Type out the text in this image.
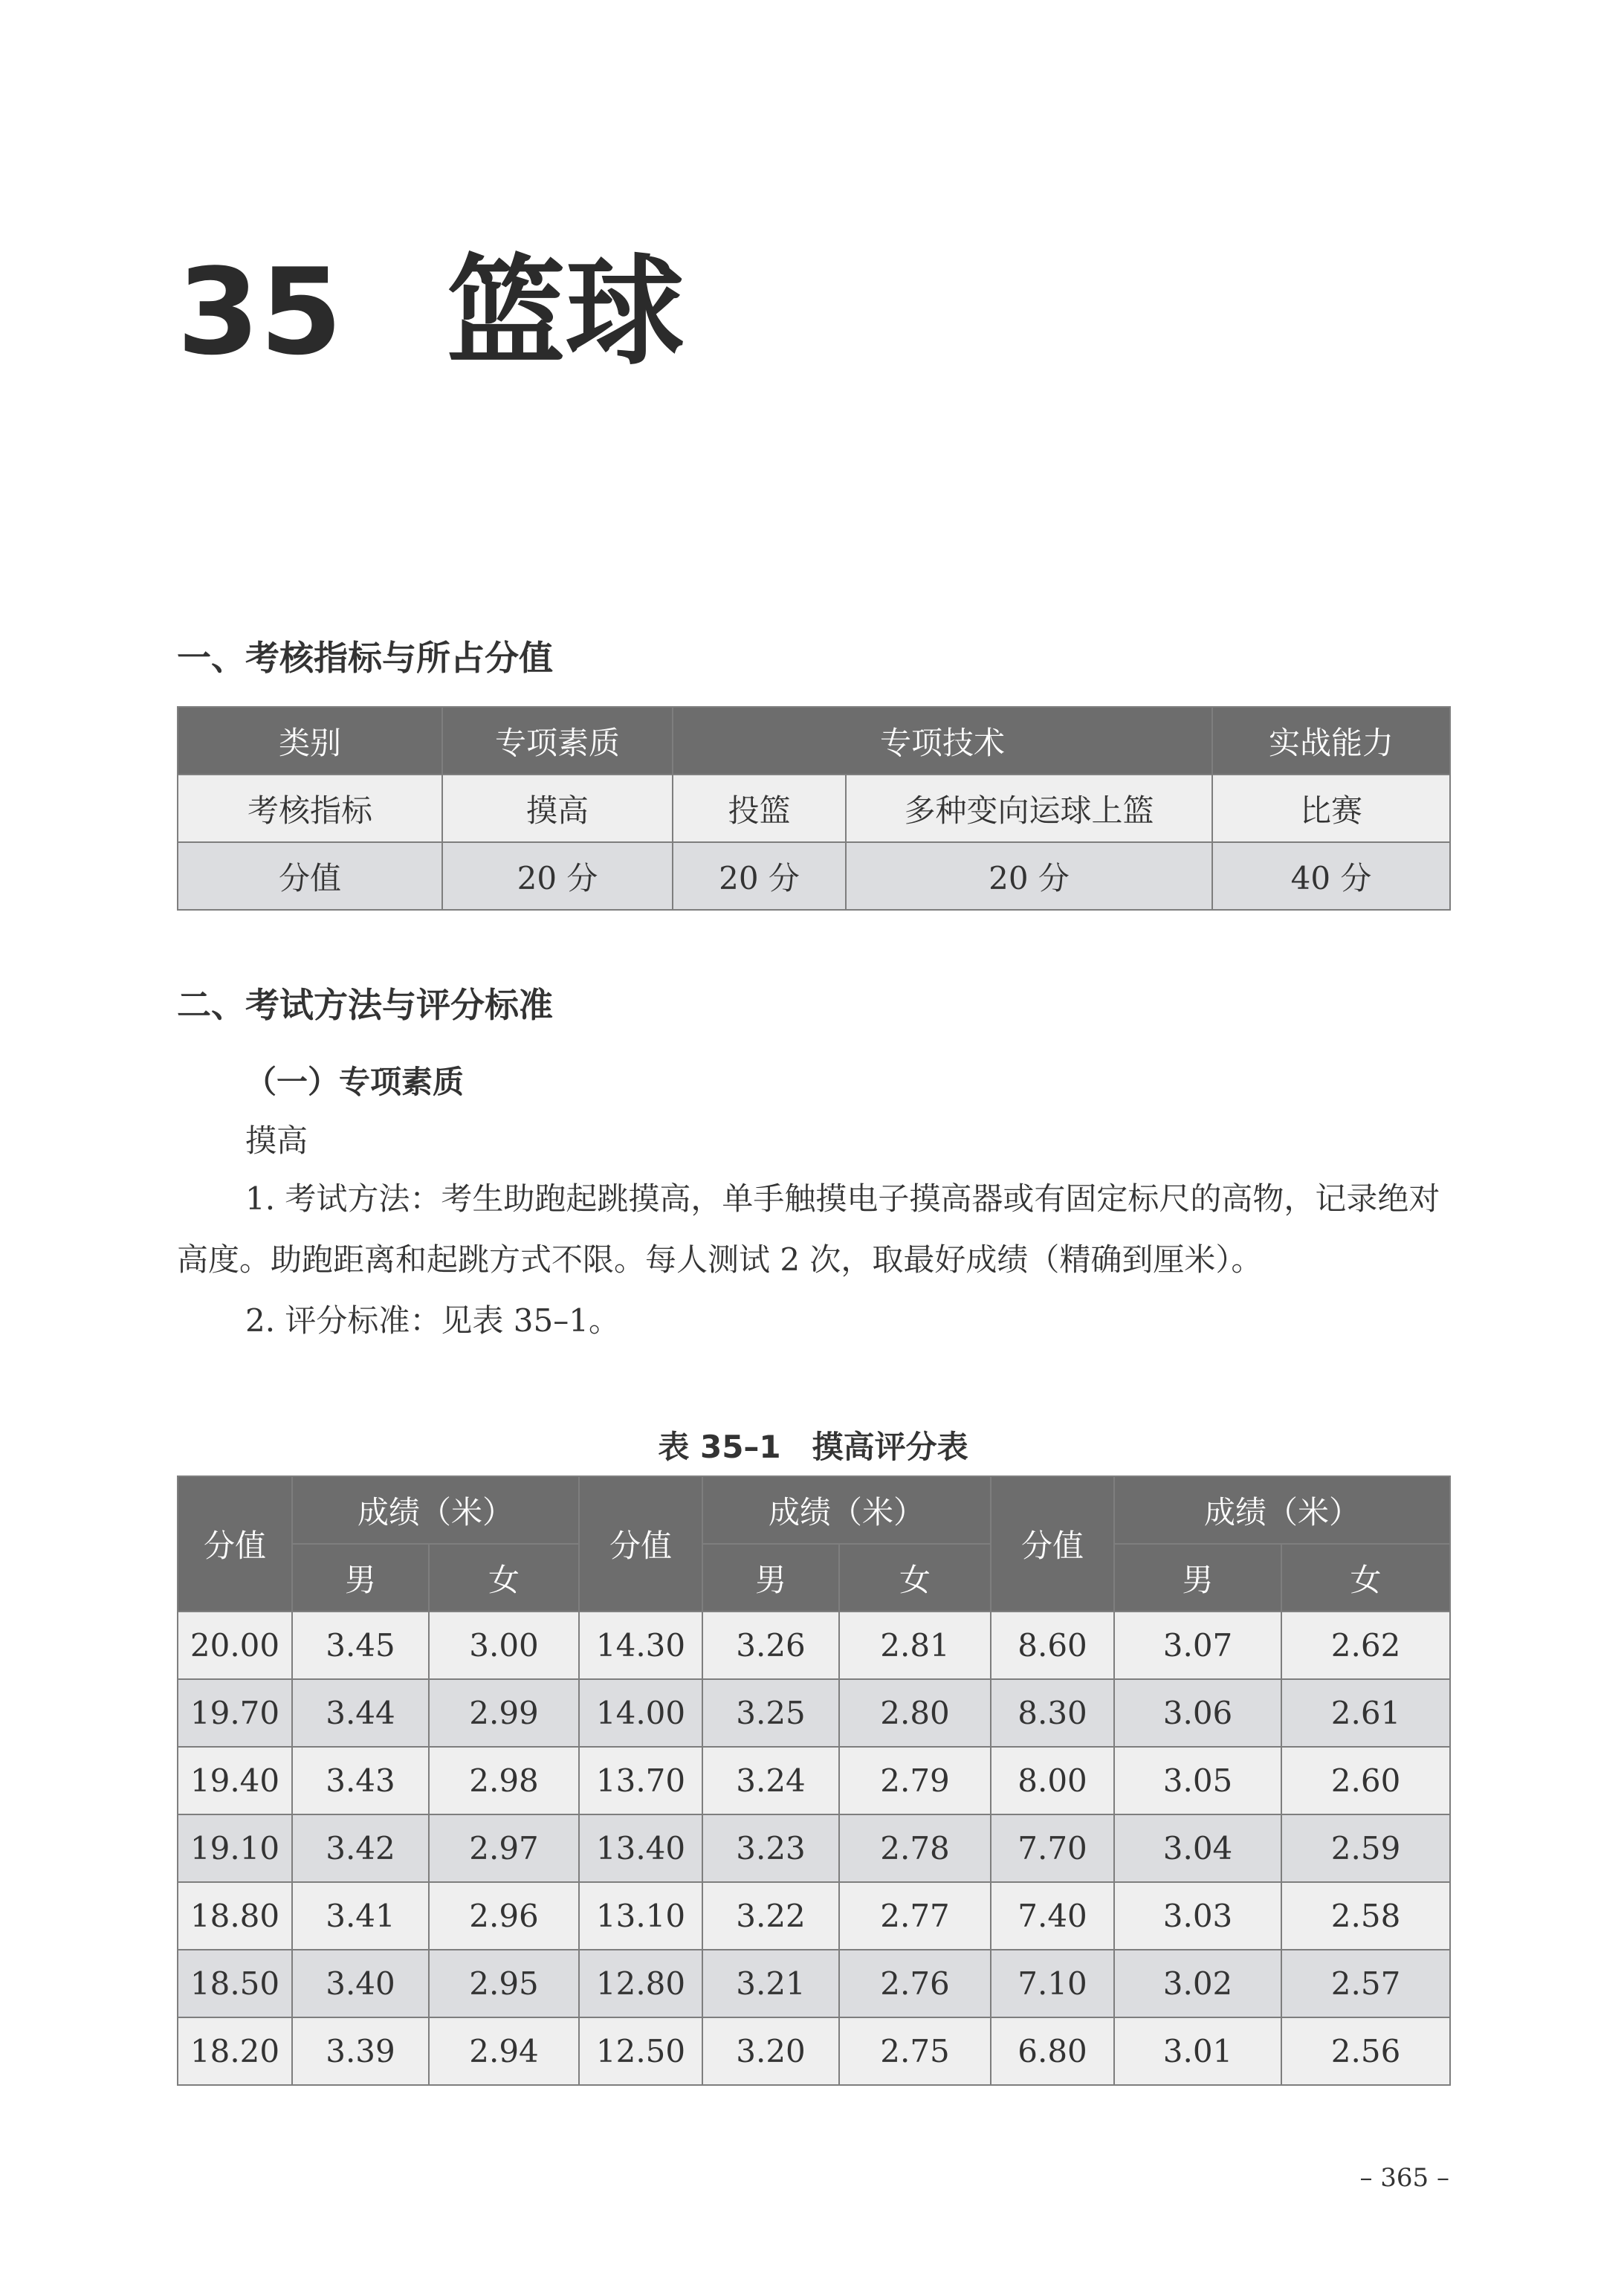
35 篮球
一、考核指标与所占分值
类别	专项素质	专项技术		实战能力
考核指标	摸高	投篮	多种变向运球上篮	比赛
分值	20 分	20 分	20 分	40 分
二、考试方法与评分标准

（一）专项素质

摸高

1. 考试方法：考生助跑起跳摸高，单手触摸电子摸高器或有固定标尺的高物，记录绝对高度。助跑距离和起跳方式不限。每人测试 2 次，取最好成绩（精确到厘米）。

2. 评分标准：见表 35–1。

表 35–1　摸高评分表

分值	成绩（米）		分值	成绩（米）		分值	成绩（米）	
	男	女		男	女		男	女
20.00	3.45	3.00	14.30	3.26	2.81	8.60	3.07	2.62
19.70	3.44	2.99	14.00	3.25	2.80	8.30	3.06	2.61
19.40	3.43	2.98	13.70	3.24	2.79	8.00	3.05	2.60
19.10	3.42	2.97	13.40	3.23	2.78	7.70	3.04	2.59
18.80	3.41	2.96	13.10	3.22	2.77	7.40	3.03	2.58
18.50	3.40	2.95	12.80	3.21	2.76	7.10	3.02	2.57
18.20	3.39	2.94	12.50	3.20	2.75	6.80	3.01	2.56

– 365 –
